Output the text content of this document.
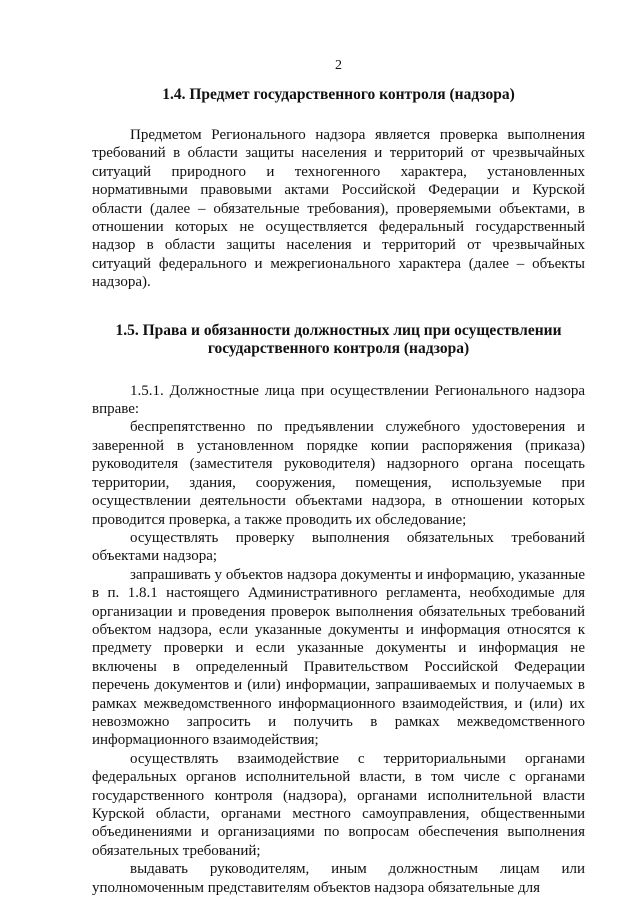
2

1.4. Предмет государственного контроля (надзора)

Предметом Регионального надзора является проверка выполнения требований в области защиты населения и территорий от чрезвычайных ситуаций природного и техногенного характера, установленных нормативными правовыми актами Российской Федерации и Курской области (далее – обязательные требования), проверяемыми объектами, в отношении которых не осуществляется федеральный государственный надзор в области защиты населения и территорий от чрезвычайных ситуаций федерального и межрегионального характера (далее – объекты надзора).

1.5. Права и обязанности должностных лиц при осуществлении
государственного контроля (надзора)

1.5.1. Должностные лица при осуществлении Регионального надзора вправе:

беспрепятственно по предъявлении служебного удостоверения и заверенной в установленном порядке копии распоряжения (приказа) руководителя (заместителя руководителя) надзорного органа посещать территории, здания, сооружения, помещения, используемые при осуществлении деятельности объектами надзора, в отношении которых проводится проверка, а также проводить их обследование;

осуществлять проверку выполнения обязательных требований объектами надзора;

запрашивать у объектов надзора документы и информацию, указанные в п. 1.8.1 настоящего Административного регламента, необходимые для организации и проведения проверок выполнения обязательных требований объектом надзора, если указанные документы и информация относятся к предмету проверки и если указанные документы и информация не включены в определенный Правительством Российской Федерации перечень документов и (или) информации, запрашиваемых и получаемых в рамках межведомственного информационного взаимодействия, и (или) их невозможно запросить и получить в рамках межведомственного информационного взаимодействия;

осуществлять взаимодействие с территориальными органами федеральных органов исполнительной власти, в том числе с органами государственного контроля (надзора), органами исполнительной власти Курской области, органами местного самоуправления, общественными объединениями и организациями по вопросам обеспечения выполнения обязательных требований;

выдавать руководителям, иным должностным лицам или уполномоченным представителям объектов надзора обязательные для
